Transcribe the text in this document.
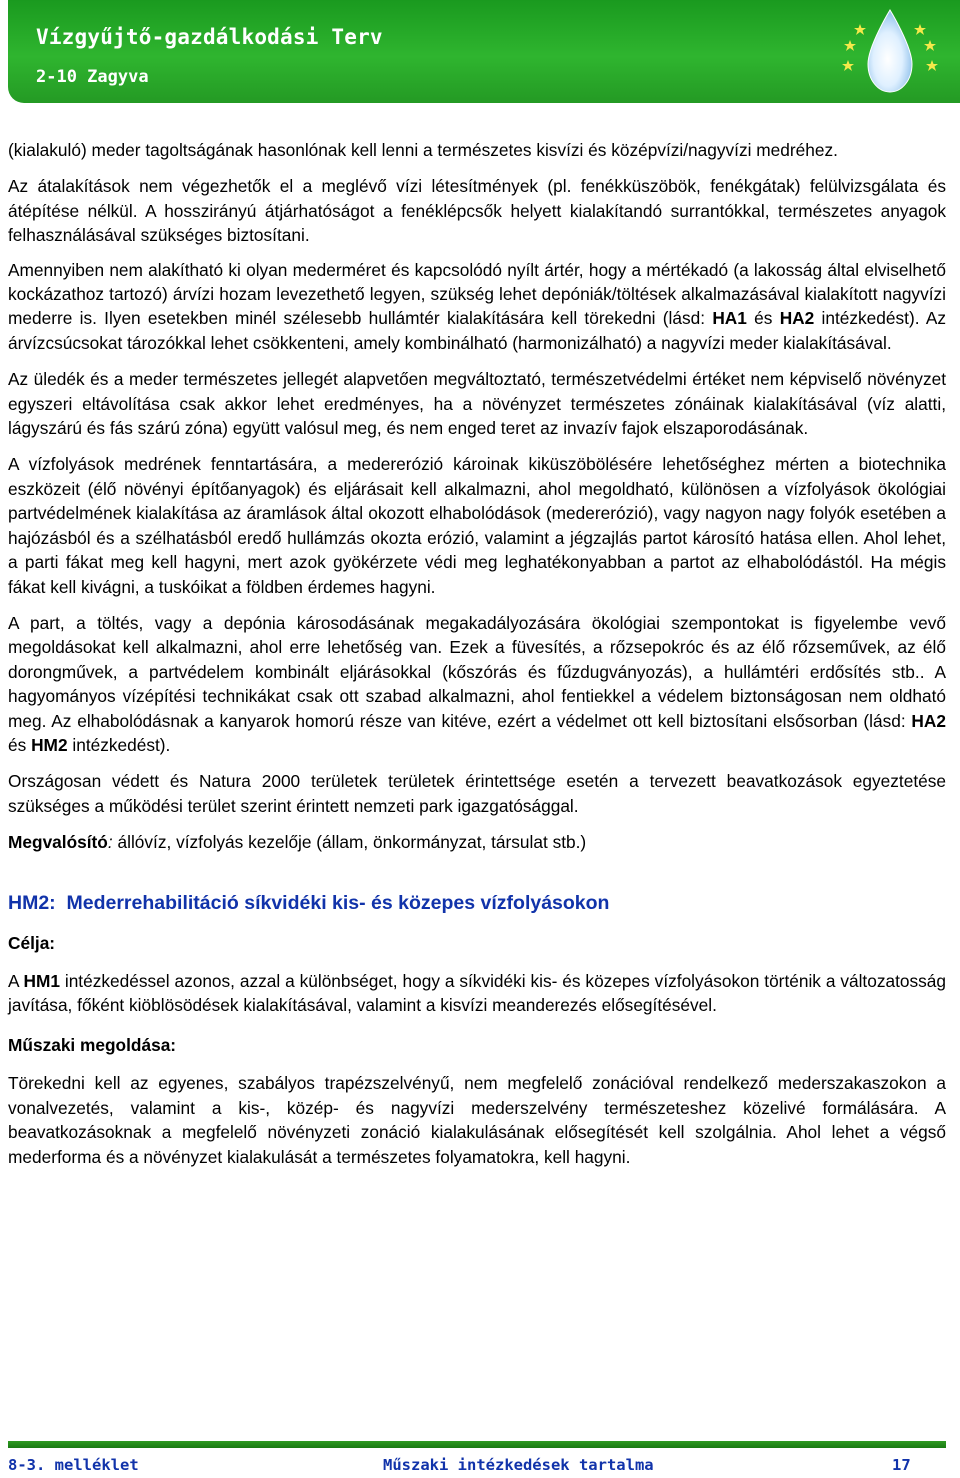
Vízgyűjtő-gazdálkodási Terv
2-10 Zagyva

(kialakuló) meder tagoltságának hasonlónak kell lenni a természetes kisvízi és középvízi/nagyvízi medréhez.

Az átalakítások nem végezhetők el a meglévő vízi létesítmények (pl. fenékküszöbök, fenékgátak) felülvizsgálata és átépítése nélkül. A hosszirányú átjárhatóságot a fenéklépcsők helyett kialakítandó surrantókkal, természetes anyagok felhasználásával szükséges biztosítani.

Amennyiben nem alakítható ki olyan mederméret és kapcsolódó nyílt ártér, hogy a mértékadó (a lakosság által elviselhető kockázathoz tartozó) árvízi hozam levezethető legyen, szükség lehet depóniák/töltések alkalmazásával kialakított nagyvízi mederre is. Ilyen esetekben minél szélesebb hullámtér kialakítására kell törekedni (lásd: HA1 és HA2 intézkedést). Az árvízcsúcsokat tározókkal lehet csökkenteni, amely kombinálható (harmonizálható) a nagyvízi meder kialakításával.

Az üledék és a meder természetes jellegét alapvetően megváltoztató, természetvédelmi értéket nem képviselő növényzet egyszeri eltávolítása csak akkor lehet eredményes, ha a növényzet természetes zónáinak kialakításával (víz alatti, lágyszárú és fás szárú zóna) együtt valósul meg, és nem enged teret az invazív fajok elszaporodásának.

A vízfolyások medrének fenntartására, a medererózió károinak kiküszöbölésére lehetőséghez mérten a biotechnika eszközeit (élő növényi építőanyagok) és eljárásait kell alkalmazni, ahol megoldható, különösen a vízfolyások ökológiai partvédelmének kialakítása az áramlások által okozott elhabolódások (medererózió), vagy nagyon nagy folyók esetében a hajózásból és a szélhatásból eredő hullámzás okozta erózió, valamint a jégzajlás partot károsító hatása ellen. Ahol lehet, a parti fákat meg kell hagyni, mert azok gyökérzete védi meg leghatékonyabban a partot az elhabolódástól. Ha mégis fákat kell kivágni, a tuskóikat a földben érdemes hagyni.

A part, a töltés, vagy a depónia károsodásának megakadályozására ökológiai szempontokat is figyelembe vevő megoldásokat kell alkalmazni, ahol erre lehetőség van. Ezek a füvesítés, a rőzsepokróc és az élő rőzseművek, az élő dorongművek, a partvédelem kombinált eljárásokkal (kőszórás és fűzdugványozás), a hullámtéri erdősítés stb.. A hagyományos vízépítési technikákat csak ott szabad alkalmazni, ahol fentiekkel a védelem biztonságosan nem oldható meg. Az elhabolódásnak a kanyarok homorú része van kitéve, ezért a védelmet ott kell biztosítani elsősorban (lásd: HA2 és HM2 intézkedést).

Országosan védett és Natura 2000 területek területek érintettsége esetén a tervezett beavatkozások egyeztetése szükséges a működési terület szerint érintett nemzeti park igazgatósággal.

Megvalósító: állóvíz, vízfolyás kezelője (állam, önkormányzat, társulat stb.)

HM2:  Mederrehabilitáció síkvidéki kis- és közepes vízfolyásokon
Célja:

A HM1 intézkedéssel azonos, azzal a különbséget, hogy a síkvidéki kis- és közepes vízfolyásokon történik a változatosság javítása, főként kiöblösödések kialakításával, valamint a kisvízi meanderezés elősegítésével.

Műszaki megoldása:

Törekedni kell az egyenes, szabályos trapézszelvényű, nem megfelelő zonációval rendelkező mederszakaszokon a vonalvezetés, valamint a kis-, közép- és nagyvízi mederszelvény természeteshez közelivé formálására. A beavatkozásoknak a megfelelő növényzeti zonáció kialakulásának elősegítését kell szolgálnia. Ahol lehet a végső mederforma és a növényzet kialakulását a természetes folyamatokra, kell hagyni.

8-3. melléklet	Műszaki intézkedések tartalma	17
